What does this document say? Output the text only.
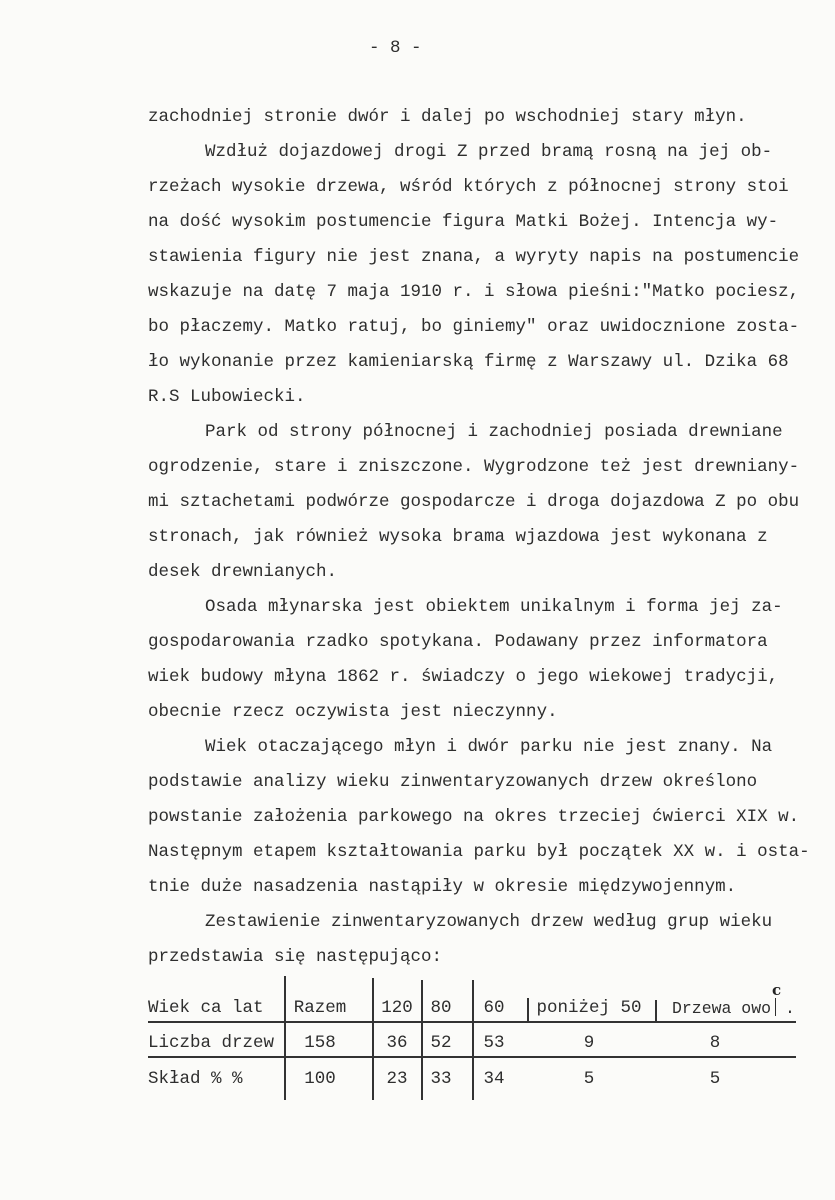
- 8 -
zachodniej stronie dwór i dalej po wschodniej stary młyn.
Wzdłuż dojazdowej drogi Z przed bramą rosną na jej ob-
rzeżach wysokie drzewa, wśród których z północnej strony stoi
na dość wysokim postumencie figura Matki Bożej. Intencja wy-
stawienia figury nie jest znana, a wyryty napis na postumencie
wskazuje na datę 7 maja 1910 r. i słowa pieśni:"Matko pociesz,
bo płaczemy. Matko ratuj, bo giniemy" oraz uwidocznione zosta-
ło wykonanie przez kamieniarską firmę z Warszawy ul. Dzika 68
R.S Lubowiecki.
Park od strony północnej i zachodniej posiada drewniane
ogrodzenie, stare i zniszczone. Wygrodzone też jest drewniany-
mi sztachetami podwórze gospodarcze i droga dojazdowa Z po obu
stronach, jak również wysoka brama wjazdowa jest wykonana z
desek drewnianych.
Osada młynarska jest obiektem unikalnym i forma jej za-
gospodarowania rzadko spotykana. Podawany przez informatora
wiek budowy młyna 1862 r. świadczy o jego wiekowej tradycji,
obecnie rzecz oczywista jest nieczynny.
Wiek otaczającego młyn i dwór parku nie jest znany. Na
podstawie analizy wieku zinwentaryzowanych drzew określono
powstanie założenia parkowego na okres trzeciej ćwierci XIX w.
Następnym etapem kształtowania parku był początek XX w. i osta-
tnie duże nasadzenia nastąpiły w okresie międzywojennym.
Zestawienie zinwentaryzowanych drzew według grup wieku
przedstawia się następująco:
Wiek ca lat	Razem	120	80	60	poniżej 50	Drzewa owo .
c
Liczba drzew	158	36	52	53	9	8
Skład % %	100	23	33	34	5	5
